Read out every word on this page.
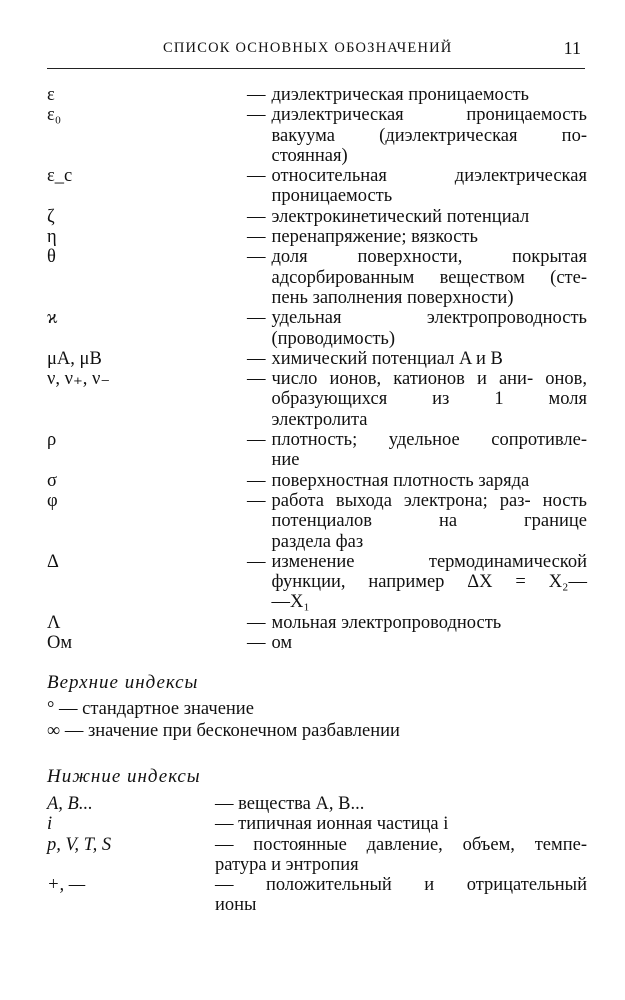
СПИСОК ОСНОВНЫХ ОБОЗНАЧЕНИЙ	11
ε	— диэлектрическая проницаемость
ε₀	— диэлектрическая проницаемость вакуума (диэлектрическая по-
стоянная)
ε_c	— относительная диэлектрическая
проницаемость
ζ	— электрокинетический потенциал
η	— перенапряжение; вязкость
θ	— доля поверхности, покрытая адсорбированным веществом (сте-
пень заполнения поверхности)
ϰ	— удельная электропроводность
(проводимость)
μA, μB	— химический потенциал A и B
ν, ν₊, ν₋	— число ионов, катионов и ани- онов, образующихся из 1 моля
электролита
ρ	— плотность; удельное сопротивле-
ние
σ	— поверхностная плотность заряда
φ	— работа выхода электрона; раз- ность потенциалов на границе
раздела фаз
Δ	— изменение термодинамической функции, например ΔX = X₂—
—X₁
Λ	— мольная электропроводность
Ом	— ом
Верхние индексы
° — стандартное значение
∞ — значение при бесконечном разбавлении
Нижние индексы
A, B...	— вещества A, B...
i	— типичная ионная частица i
p, V, T, S	— постоянные давление, объем, темпе-
ратура и энтропия
+, —	— положительный и отрицательный
ионы
